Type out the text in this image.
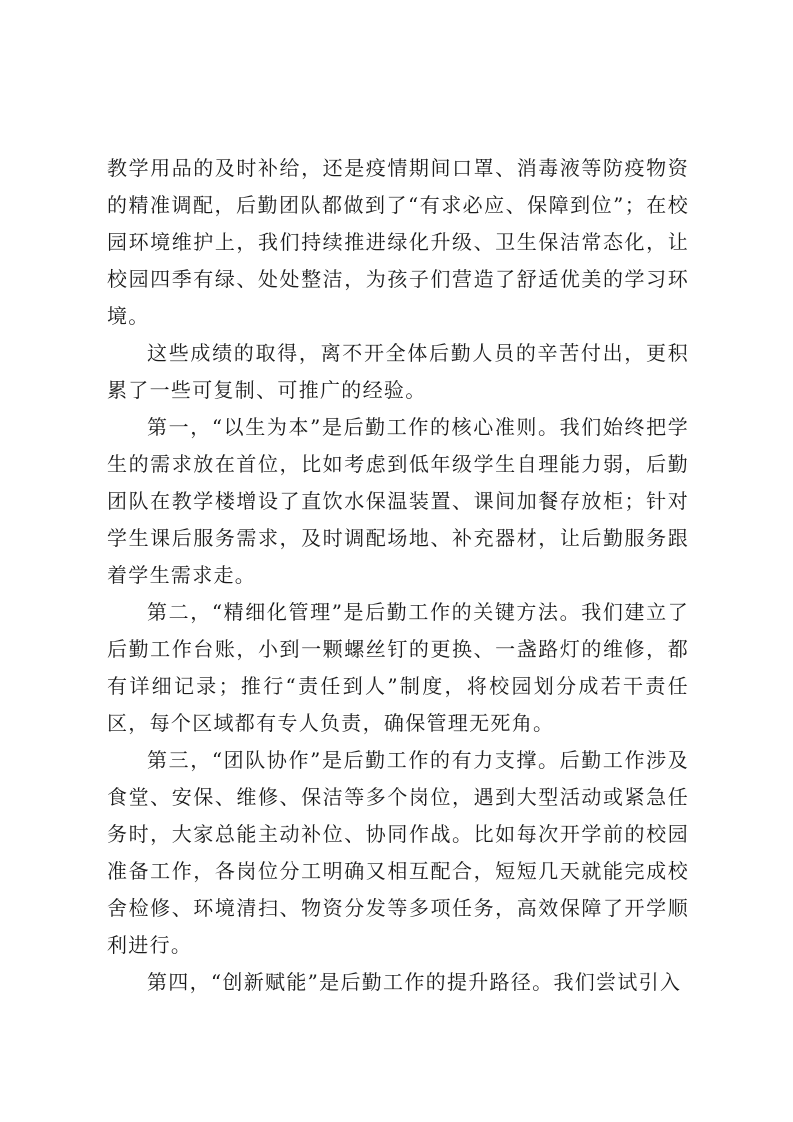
教学用品的及时补给，还是疫情期间口罩、消毒液等防疫物资的精准调配，后勤团队都做到了“有求必应、保障到位”；在校园环境维护上，我们持续推进绿化升级、卫生保洁常态化，让校园四季有绿、处处整洁，为孩子们营造了舒适优美的学习环境。

这些成绩的取得，离不开全体后勤人员的辛苦付出，更积累了一些可复制、可推广的经验。

第一，“以生为本”是后勤工作的核心准则。我们始终把学生的需求放在首位，比如考虑到低年级学生自理能力弱，后勤团队在教学楼增设了直饮水保温装置、课间加餐存放柜；针对学生课后服务需求，及时调配场地、补充器材，让后勤服务跟着学生需求走。

第二，“精细化管理”是后勤工作的关键方法。我们建立了后勤工作台账，小到一颗螺丝钉的更换、一盏路灯的维修，都有详细记录；推行“责任到人”制度，将校园划分成若干责任区，每个区域都有专人负责，确保管理无死角。

第三，“团队协作”是后勤工作的有力支撑。后勤工作涉及食堂、安保、维修、保洁等多个岗位，遇到大型活动或紧急任务时，大家总能主动补位、协同作战。比如每次开学前的校园准备工作，各岗位分工明确又相互配合，短短几天就能完成校舍检修、环境清扫、物资分发等多项任务，高效保障了开学顺利进行。

第四，“创新赋能”是后勤工作的提升路径。我们尝试引入
